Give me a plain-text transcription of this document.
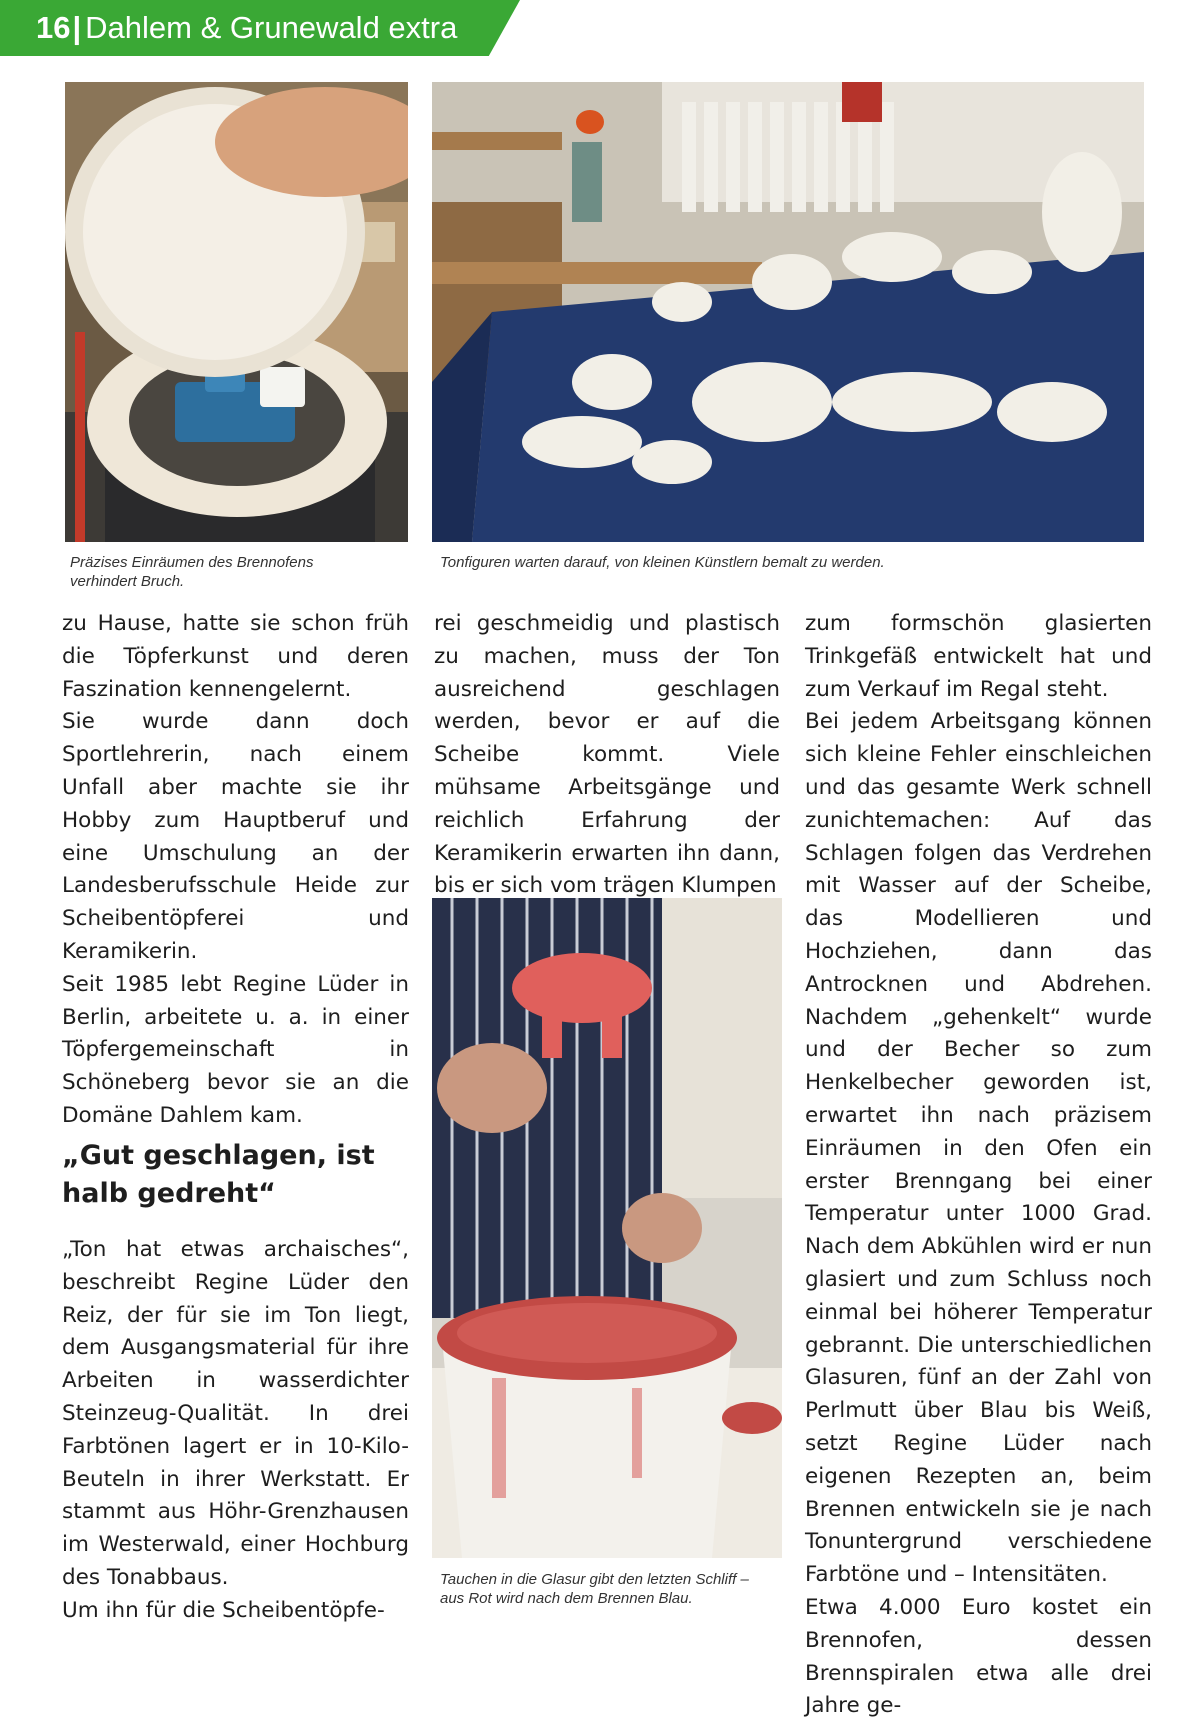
16| Dahlem & Grunewald extra
Präzises Einräumen des Brennofens verhindert Bruch.
Tonfiguren warten darauf, von kleinen Künstlern bemalt zu werden.

zu Hause, hatte sie schon früh die Töpferkunst und deren Faszination kennengelernt.

Sie wurde dann doch Sportlehrerin, nach einem Unfall aber machte sie ihr Hobby zum Hauptberuf und eine Umschulung an der Landesberufsschule Heide zur Scheibentöpferei und Keramikerin.

Seit 1985 lebt Regine Lüder in Berlin, arbeitete u. a. in einer Töpfergemeinschaft in Schöneberg bevor sie an die Domäne Dahlem kam.

„Gut geschlagen, ist halb gedreht“

„Ton hat etwas archaisches“, beschreibt Regine Lüder den Reiz, der für sie im Ton liegt, dem Ausgangsmaterial für ihre Arbeiten in wasserdichter Steinzeug-Qualität. In drei Farbtönen lagert er in 10-Kilo-Beuteln in ihrer Werkstatt. Er stammt aus Höhr-Grenzhausen im Westerwald, einer Hochburg des Tonabbaus.

Um ihn für die Scheibentöpfe-

rei geschmeidig und plastisch zu machen, muss der Ton ausreichend geschlagen werden, bevor er auf die Scheibe kommt. Viele mühsame Arbeitsgänge und reichlich Erfahrung der Keramikerin erwarten ihn dann, bis er sich vom trägen Klumpen

Tauchen in die Glasur gibt den letzten Schliff – aus Rot wird nach dem Brennen Blau.

zum formschön glasierten Trinkgefäß entwickelt hat und zum Verkauf im Regal steht.

Bei jedem Arbeitsgang können sich kleine Fehler einschleichen und das gesamte Werk schnell zunichtemachen: Auf das Schlagen folgen das Verdrehen mit Wasser auf der Scheibe, das Modellieren und Hochziehen, dann das Antrocknen und Abdrehen. Nachdem „gehenkelt“ wurde und der Becher so zum Henkelbecher geworden ist, erwartet ihn nach präzisem Einräumen in den Ofen ein erster Brenngang bei einer Temperatur unter 1000 Grad. Nach dem Abkühlen wird er nun glasiert und zum Schluss noch einmal bei höherer Temperatur gebrannt. Die unterschiedlichen Glasuren, fünf an der Zahl von Perlmutt über Blau bis Weiß, setzt Regine Lüder nach eigenen Rezepten an, beim Brennen entwickeln sie je nach Tonuntergrund verschiedene Farbtöne und – Intensitäten.

Etwa 4.000 Euro kostet ein Brennofen, dessen Brennspiralen etwa alle drei Jahre ge-
